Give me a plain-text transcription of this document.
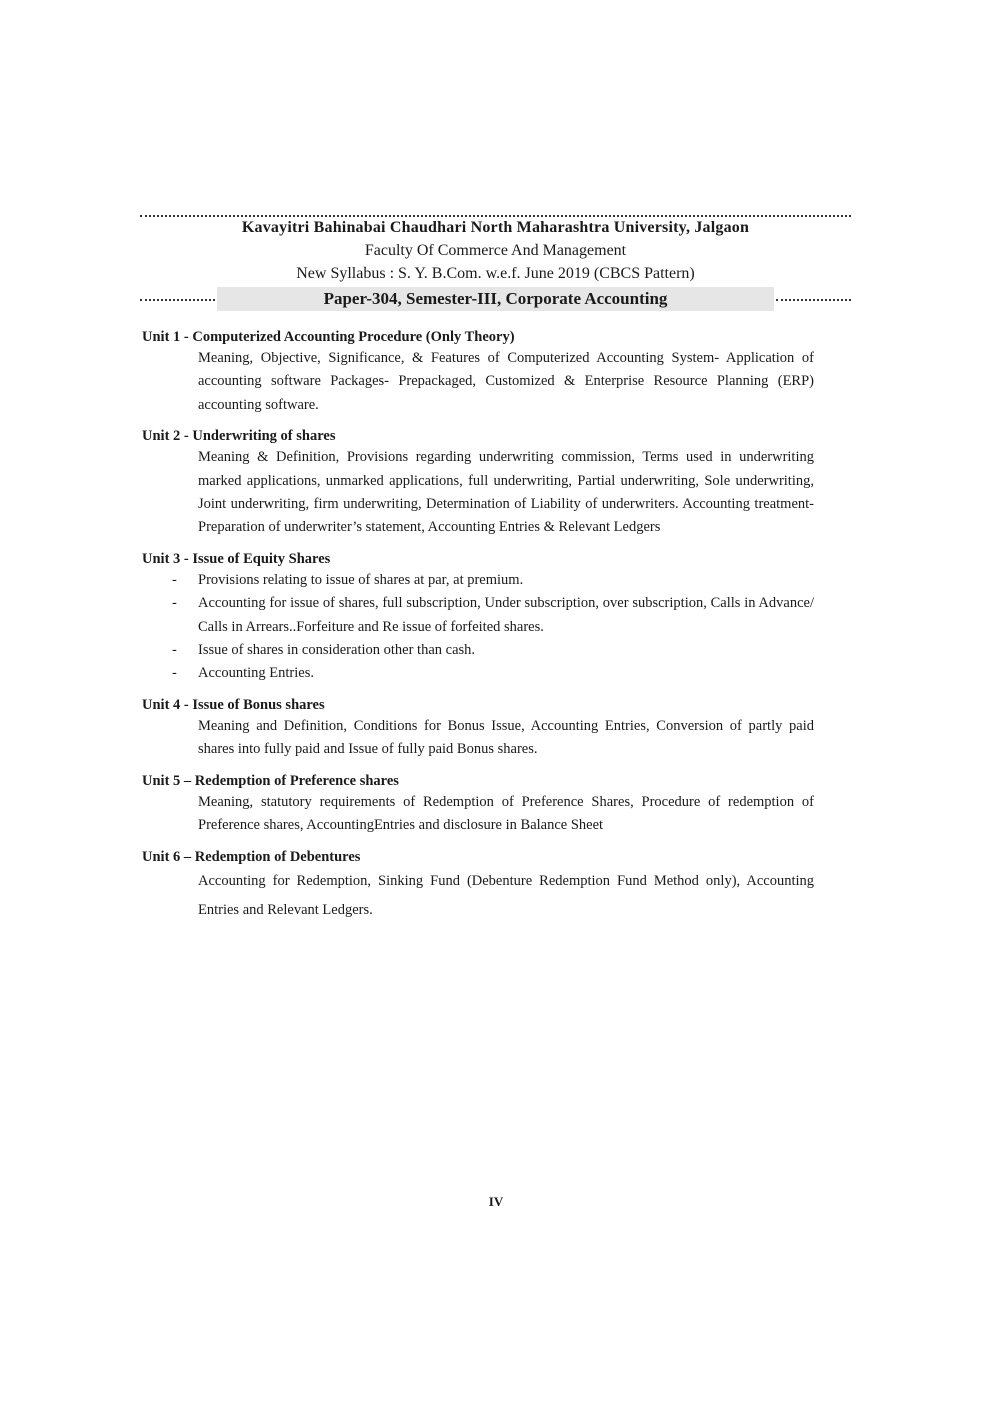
Kavayitri Bahinabai Chaudhari North Maharashtra University, Jalgaon
Faculty Of Commerce And Management
New Syllabus : S. Y. B.Com. w.e.f. June 2019 (CBCS Pattern)
Paper-304, Semester-III, Corporate Accounting
Unit 1 - Computerized Accounting Procedure (Only Theory)
Meaning, Objective, Significance, & Features of Computerized Accounting System- Application of accounting software Packages- Prepackaged, Customized & Enterprise Resource Planning (ERP) accounting software.
Unit 2 - Underwriting of shares
Meaning & Definition, Provisions regarding underwriting commission, Terms used in underwriting marked applications, unmarked applications, full underwriting, Partial underwriting, Sole underwriting, Joint underwriting, firm underwriting, Determination of Liability of underwriters. Accounting treatment- Preparation of underwriter’s statement, Accounting Entries & Relevant Ledgers
Unit 3 - Issue of Equity Shares
- Provisions relating to issue of shares at par, at premium.
- Accounting for issue of shares, full subscription, Under subscription, over subscription, Calls in Advance/ Calls in Arrears..Forfeiture and Re issue of forfeited shares.
- Issue of shares in consideration other than cash.
- Accounting Entries.
Unit 4 - Issue of Bonus shares
Meaning and Definition, Conditions for Bonus Issue, Accounting Entries, Conversion of partly paid shares into fully paid and Issue of fully paid Bonus shares.
Unit 5 – Redemption of Preference shares
Meaning, statutory requirements of Redemption of Preference Shares, Procedure of redemption of Preference shares, AccountingEntries and disclosure in Balance Sheet
Unit 6 – Redemption of Debentures
Accounting for Redemption, Sinking Fund (Debenture Redemption Fund Method only), Accounting Entries and Relevant Ledgers.
IV
